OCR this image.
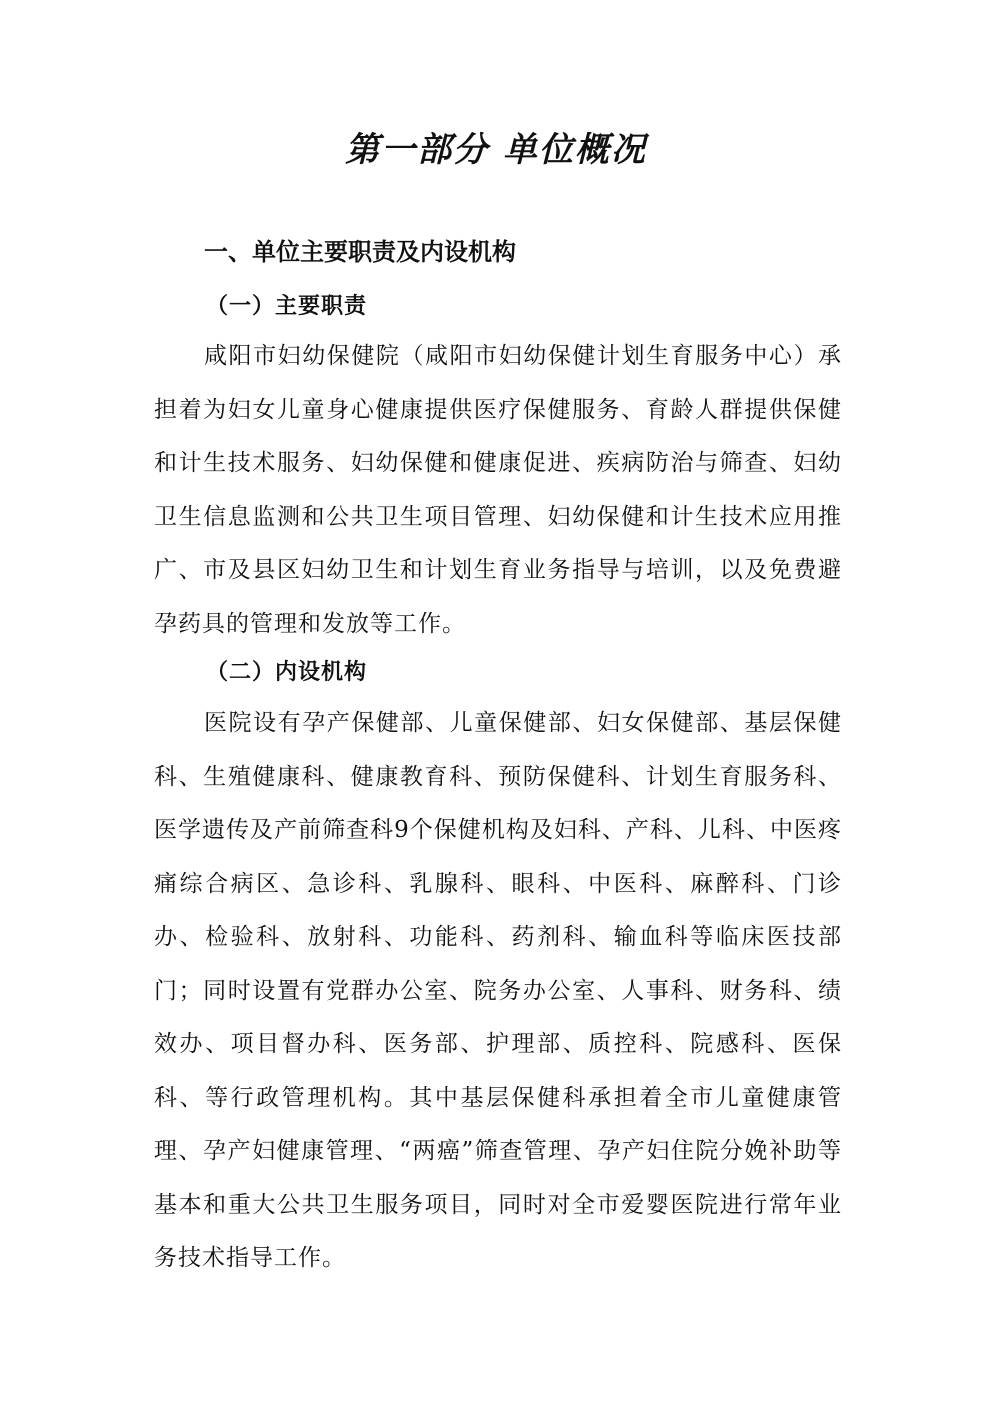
第一部分 单位概况
一、单位主要职责及内设机构
（一）主要职责

咸阳市妇幼保健院（咸阳市妇幼保健计划生育服务中心）承担着为妇女儿童身心健康提供医疗保健服务、育龄人群提供保健和计生技术服务、妇幼保健和健康促进、疾病防治与筛查、妇幼卫生信息监测和公共卫生项目管理、妇幼保健和计生技术应用推广、市及县区妇幼卫生和计划生育业务指导与培训，以及免费避孕药具的管理和发放等工作。

（二）内设机构

医院设有孕产保健部、儿童保健部、妇女保健部、基层保健科、生殖健康科、健康教育科、预防保健科、计划生育服务科、医学遗传及产前筛查科9个保健机构及妇科、产科、儿科、中医疼痛综合病区、急诊科、乳腺科、眼科、中医科、麻醉科、门诊办、检验科、放射科、功能科、药剂科、输血科等临床医技部门；同时设置有党群办公室、院务办公室、人事科、财务科、绩效办、项目督办科、医务部、护理部、质控科、院感科、医保科、等行政管理机构。其中基层保健科承担着全市儿童健康管理、孕产妇健康管理、“两癌”筛查管理、孕产妇住院分娩补助等基本和重大公共卫生服务项目，同时对全市爱婴医院进行常年业务技术指导工作。
